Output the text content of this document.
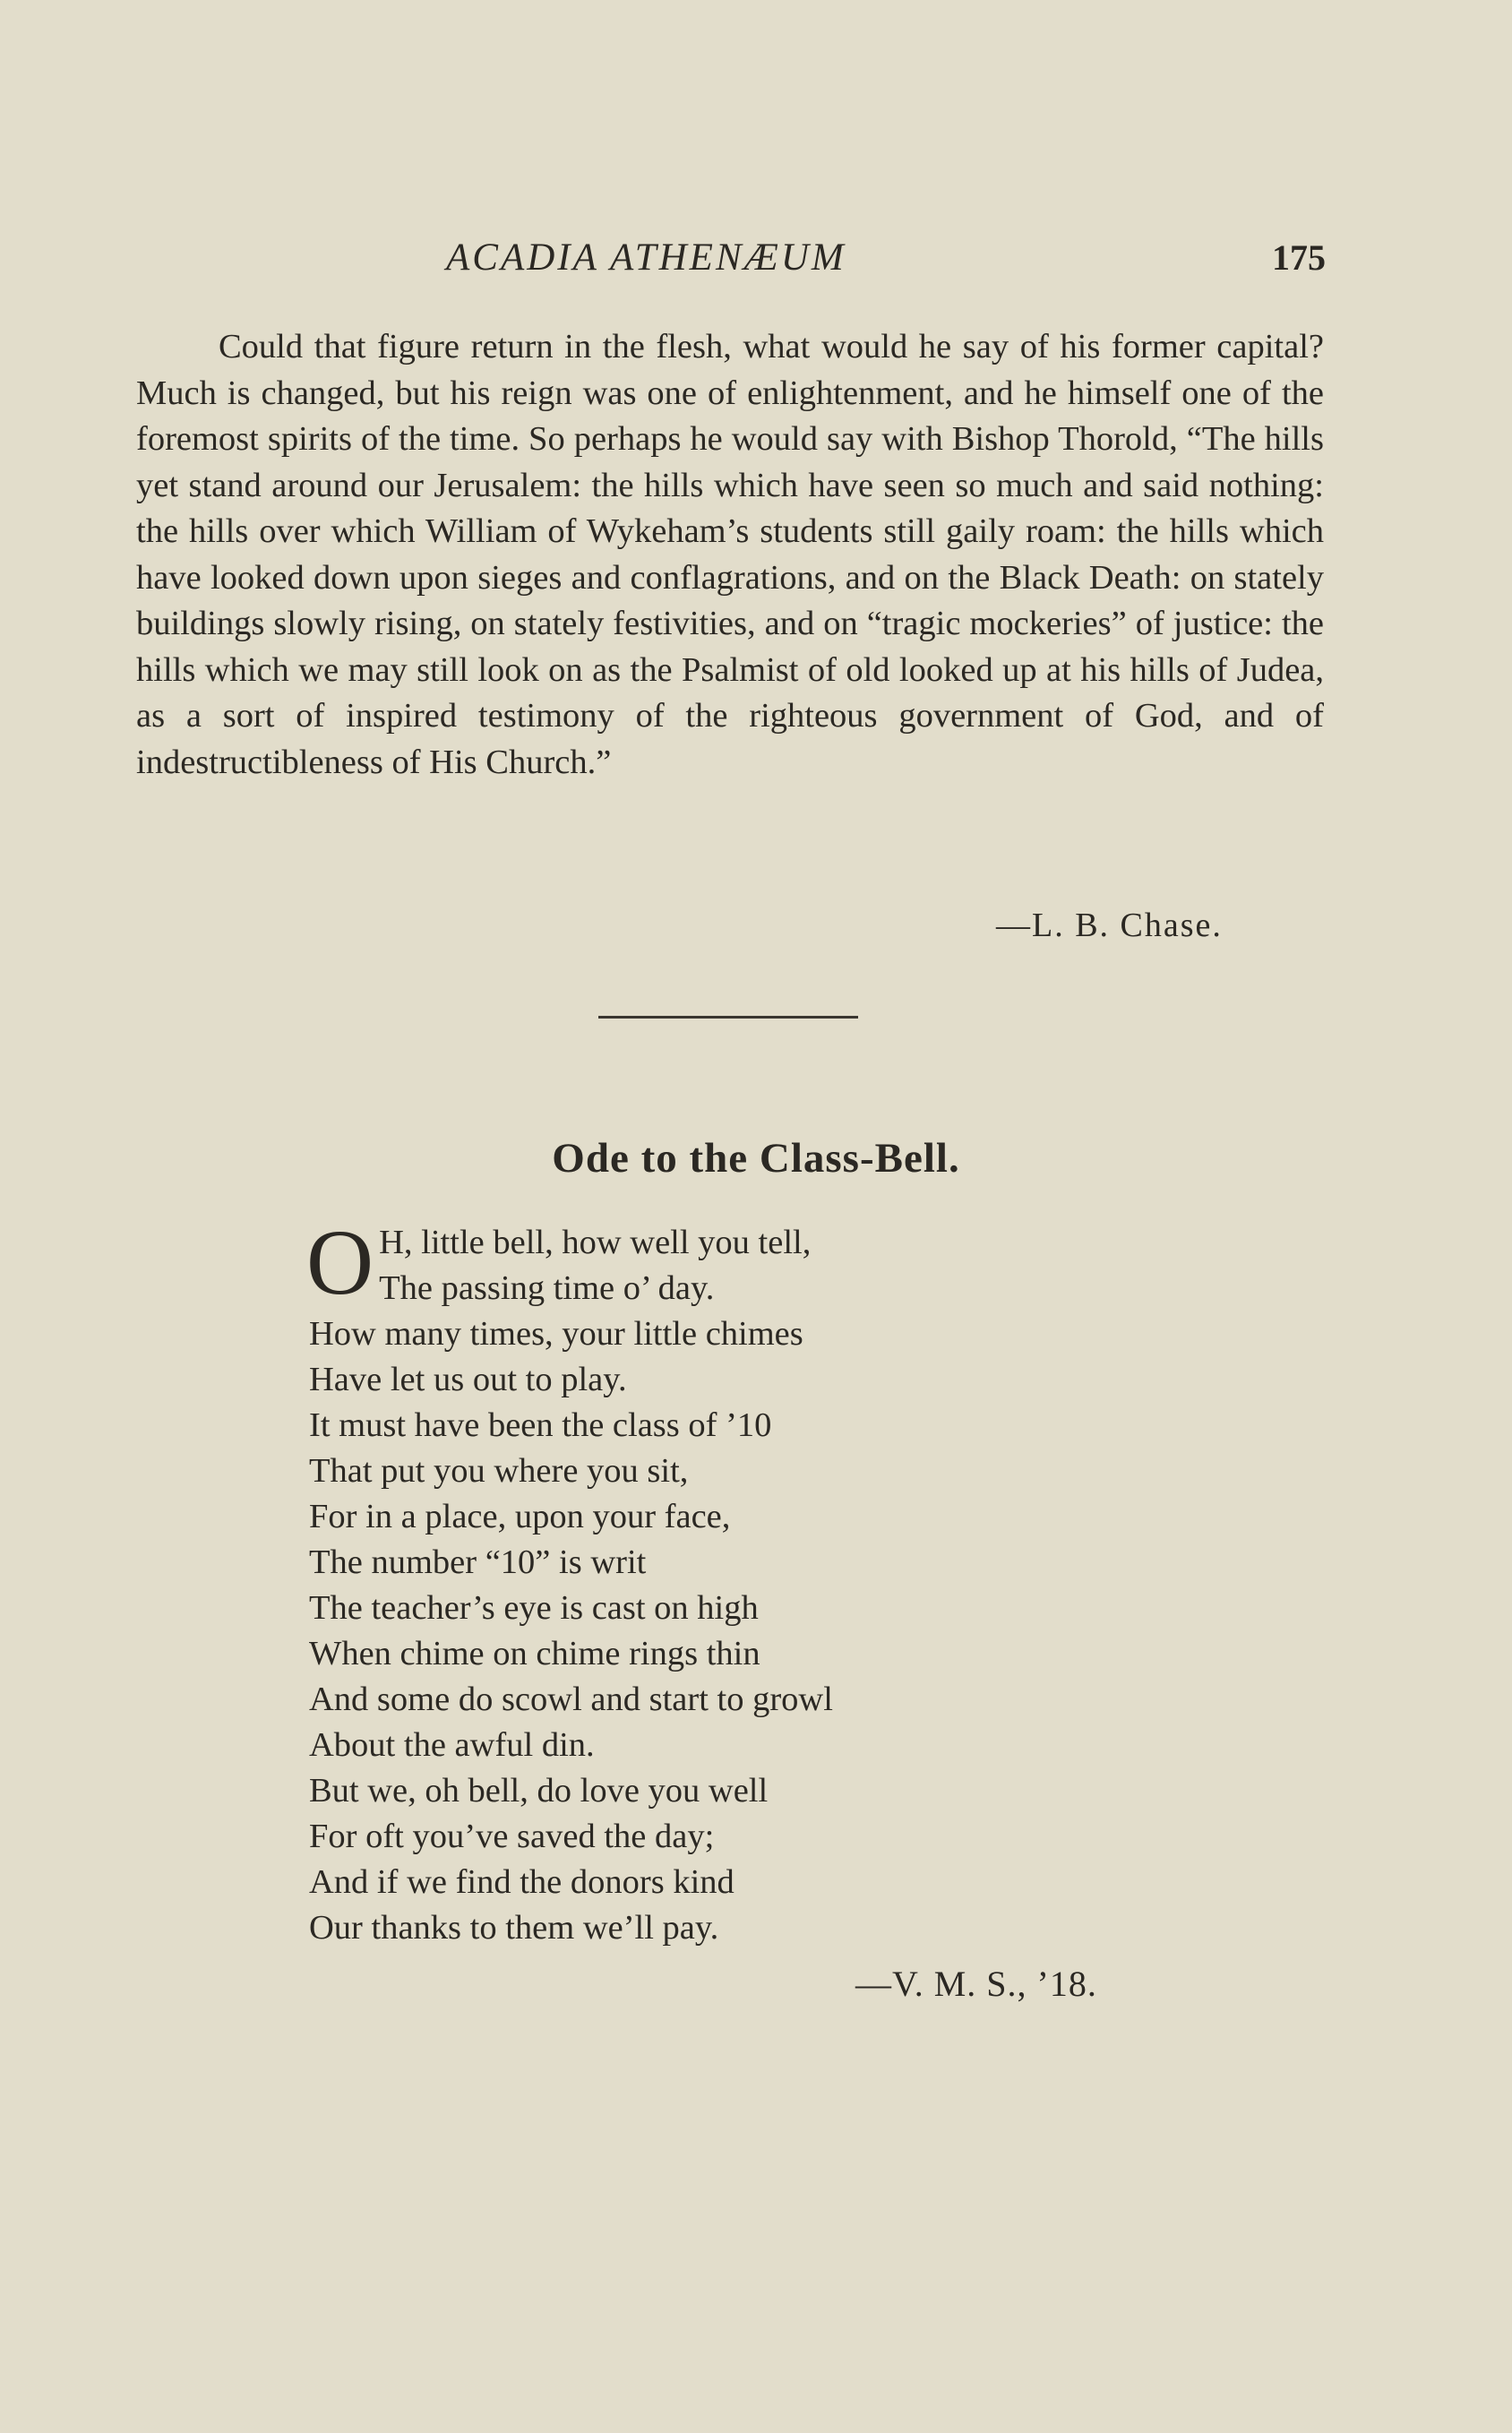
ACADIA ATHENÆUM	175

Could that figure return in the flesh, what would he say of his former capital? Much is changed, but his reign was one of enlightenment, and he himself one of the foremost spirits of the time. So perhaps he would say with Bishop Thorold, “The hills yet stand around our Jerusalem: the hills which have seen so much and said nothing: the hills over which William of Wykeham’s students still gaily roam: the hills which have looked down upon sieges and conflagrations, and on the Black Death: on stately buildings slowly rising, on stately festivities, and on “tragic mockeries” of justice: the hills which we may still look on as the Psalmist of old looked up at his hills of Judea, as a sort of inspired testimony of the righteous government of God, and of indestructibleness of His Church.”

—L. B. Chase.
Ode to the Class-Bell.
O H, little bell, how well you tell,
The passing time o’ day.
How many times, your little chimes
Have let us out to play.
It must have been the class of ’10
That put you where you sit,
For in a place, upon your face,
The number “10” is writ
The teacher’s eye is cast on high
When chime on chime rings thin
And some do scowl and start to growl
About the awful din.
But we, oh bell, do love you well
For oft you’ve saved the day;
And if we find the donors kind
Our thanks to them we’ll pay.
—V. M. S., ’18.
